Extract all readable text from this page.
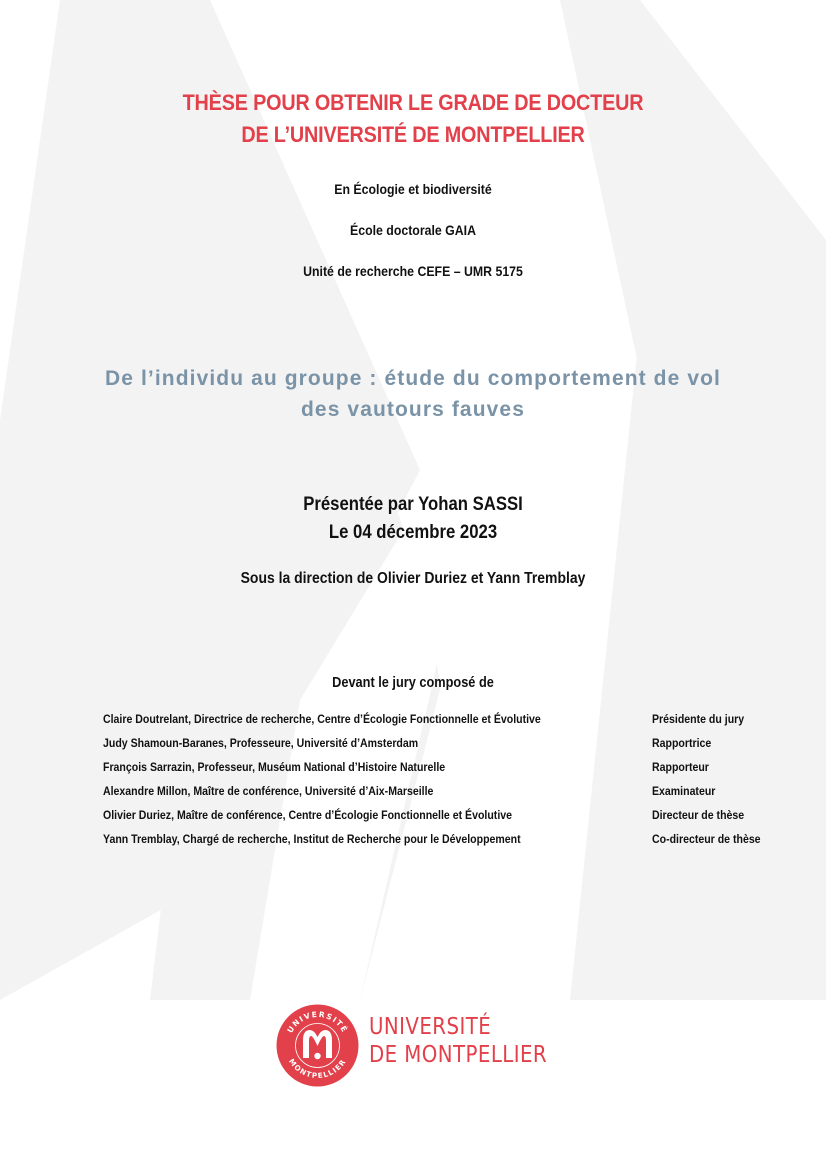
THÈSE POUR OBTENIR LE GRADE DE DOCTEUR
DE L’UNIVERSITÉ DE MONTPELLIER
En Écologie et biodiversité
École doctorale GAIA
Unité de recherche CEFE – UMR 5175
De l’individu au groupe : étude du comportement de vol
des vautours fauves
Présentée par Yohan SASSI
Le 04 décembre 2023
Sous la direction de Olivier Duriez et Yann Tremblay
Devant le jury composé de
Claire Doutrelant, Directrice de recherche, Centre d’Écologie Fonctionnelle et Évolutive	Présidente du jury
Judy Shamoun-Baranes, Professeure, Université d’Amsterdam	Rapportrice
François Sarrazin, Professeur, Muséum National d’Histoire Naturelle	Rapporteur
Alexandre Millon, Maître de conférence, Université d’Aix-Marseille	Examinateur
Olivier Duriez, Maître de conférence, Centre d’Écologie Fonctionnelle et Évolutive	Directeur de thèse
Yann Tremblay, Chargé de recherche, Institut de Recherche pour le Développement	Co-directeur de thèse
UNIVERSITÉ
MONTPELLIER
UNIVERSITÉ
DE MONTPELLIER
